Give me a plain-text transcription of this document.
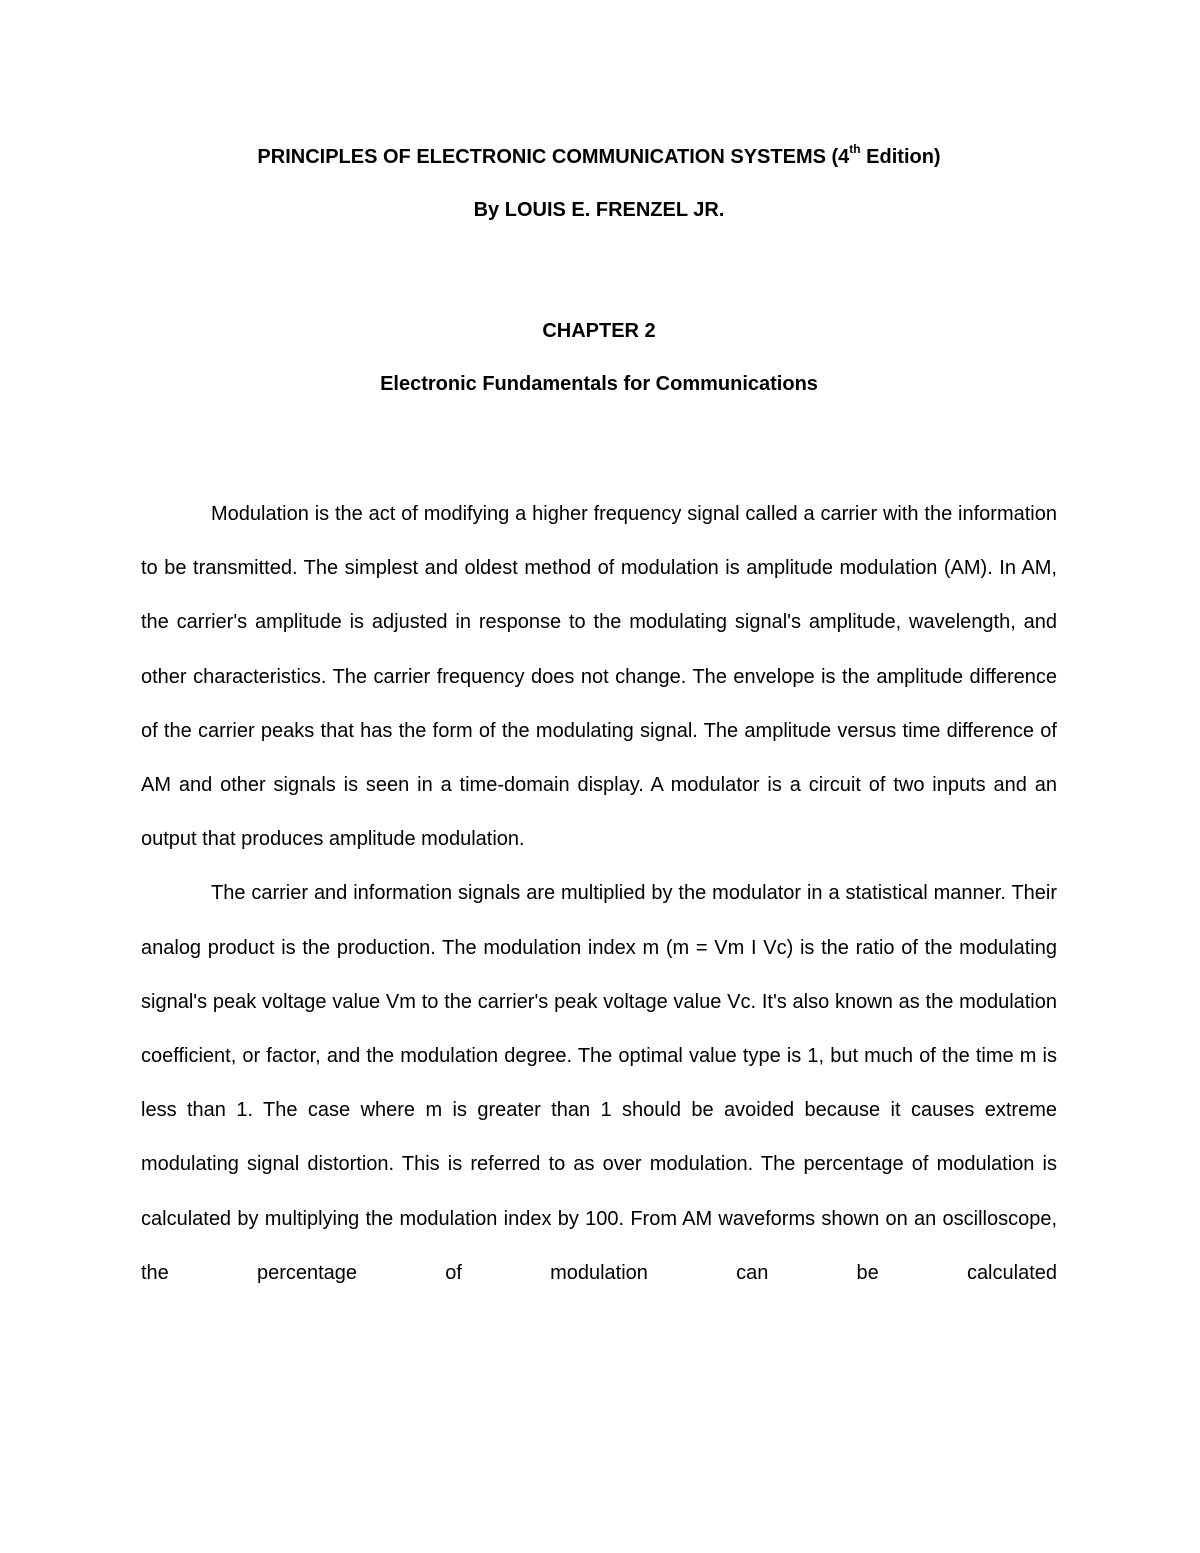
PRINCIPLES OF ELECTRONIC COMMUNICATION SYSTEMS (4th Edition)

By LOUIS E. FRENZEL JR.

CHAPTER 2

Electronic Fundamentals for Communications

Modulation is the act of modifying a higher frequency signal called a carrier with the information to be transmitted. The simplest and oldest method of modulation is amplitude modulation (AM). In AM, the carrier's amplitude is adjusted in response to the modulating signal's amplitude, wavelength, and other characteristics. The carrier frequency does not change. The envelope is the amplitude difference of the carrier peaks that has the form of the modulating signal. The amplitude versus time difference of AM and other signals is seen in a time-domain display. A modulator is a circuit of two inputs and an output that produces amplitude modulation.

The carrier and information signals are multiplied by the modulator in a statistical manner. Their analog product is the production. The modulation index m (m = Vm I Vc) is the ratio of the modulating signal's peak voltage value Vm to the carrier's peak voltage value Vc. It's also known as the modulation coefficient, or factor, and the modulation degree. The optimal value type is 1, but much of the time m is less than 1. The case where m is greater than 1 should be avoided because it causes extreme modulating signal distortion. This is referred to as over modulation. The percentage of modulation is calculated by multiplying the modulation index by 100. From AM waveforms shown on an oscilloscope, the percentage of modulation can be calculated
